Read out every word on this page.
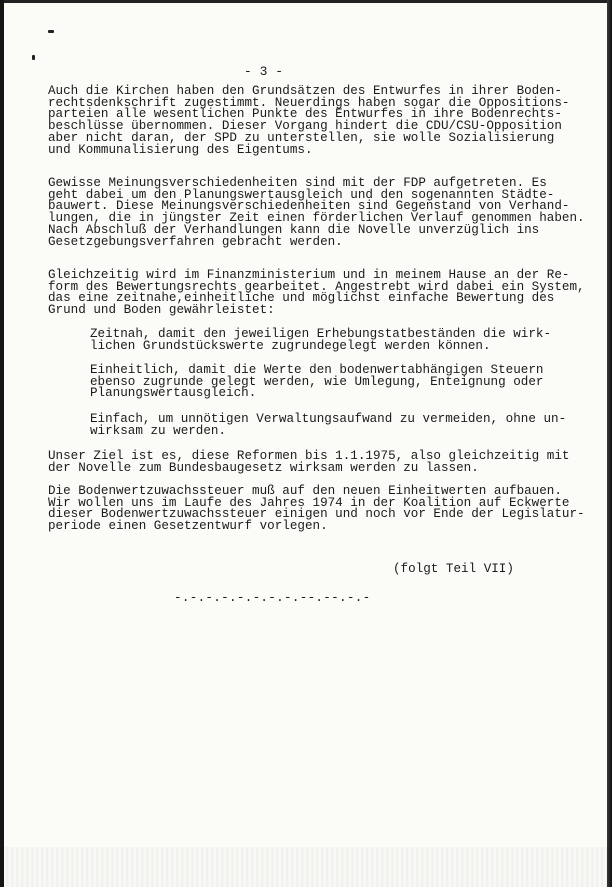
- 3 -
Auch die Kirchen haben den Grundsätzen des Entwurfes in ihrer Boden-
rechtsdenkschrift zugestimmt. Neuerdings haben sogar die Oppositions-
parteien alle wesentlichen Punkte des Entwurfes in ihre Bodenrechts-
beschlüsse übernommen. Dieser Vorgang hindert die CDU/CSU-Opposition
aber nicht daran, der SPD zu unterstellen, sie wolle Sozialisierung
und Kommunalisierung des Eigentums.
Gewisse Meinungsverschiedenheiten sind mit der FDP aufgetreten. Es
geht dabei um den Planungswertausgleich und den sogenannten Städte-
bauwert. Diese Meinungsverschiedenheiten sind Gegenstand von Verhand-
lungen, die in jüngster Zeit einen förderlichen Verlauf genommen haben.
Nach Abschluß der Verhandlungen kann die Novelle unverzüglich ins
Gesetzgebungsverfahren gebracht werden.
Gleichzeitig wird im Finanzministerium und in meinem Hause an der Re-
form des Bewertungsrechts gearbeitet. Angestrebt wird dabei ein System,
das eine zeitnahe,einheitliche und möglichst einfache Bewertung des
Grund und Boden gewährleistet:
Zeitnah, damit den jeweiligen Erhebungstatbeständen die wirk-
lichen Grundstückswerte zugrundegelegt werden können.
Einheitlich, damit die Werte den bodenwertabhängigen Steuern
ebenso zugrunde gelegt werden, wie Umlegung, Enteignung oder
Planungswertausgleich.
Einfach, um unnötigen Verwaltungsaufwand zu vermeiden, ohne un-
wirksam zu werden.
Unser Ziel ist es, diese Reformen bis 1.1.1975, also gleichzeitig mit
der Novelle zum Bundesbaugesetz wirksam werden zu lassen.
Die Bodenwertzuwachssteuer muß auf den neuen Einheitwerten aufbauen.
Wir wollen uns im Laufe des Jahres 1974 in der Koalition auf Eckwerte
dieser Bodenwertzuwachssteuer einigen und noch vor Ende der Legislatur-
periode einen Gesetzentwurf vorlegen.
(folgt Teil VII)
-.-.-.-.-.-.-.-.--.--.-.-
